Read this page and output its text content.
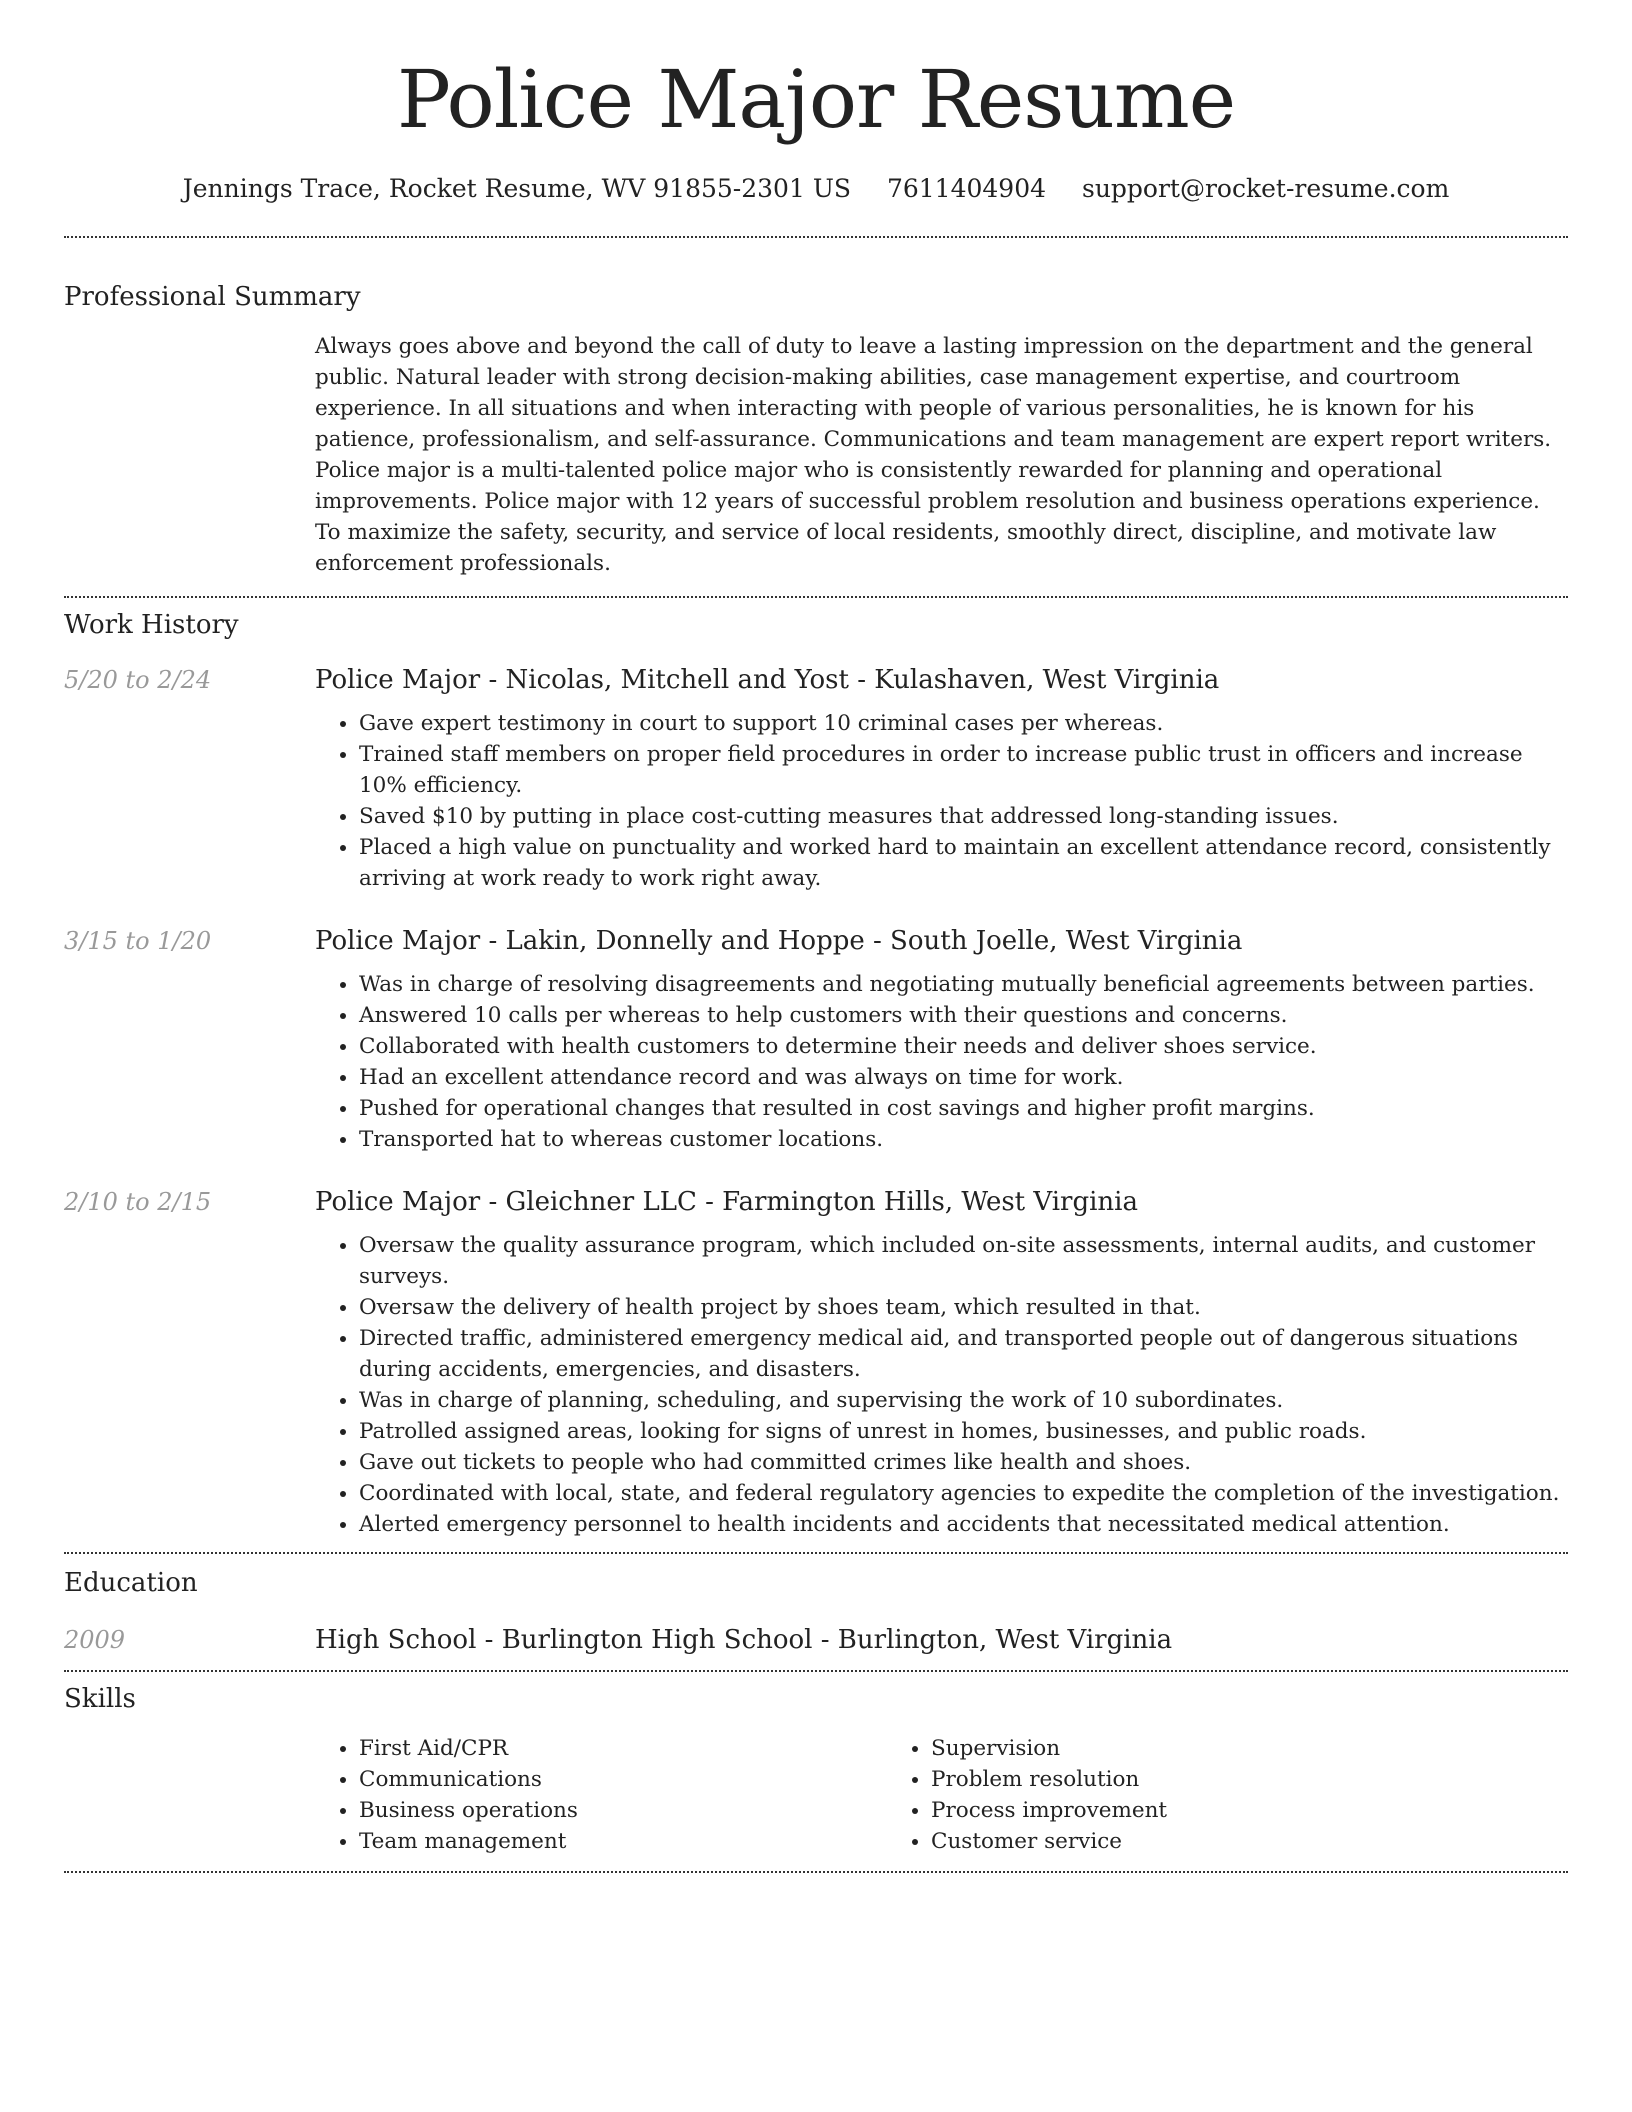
Police Major Resume
Jennings Trace, Rocket Resume, WV 91855-2301 US 7611404904 support@rocket-resume.com
Professional Summary

Always goes above and beyond the call of duty to leave a lasting impression on the department and the general public. Natural leader with strong decision-making abilities, case management expertise, and courtroom experience. In all situations and when interacting with people of various personalities, he is known for his patience, professionalism, and self-assurance. Communications and team management are expert report writers. Police major is a multi-talented police major who is consistently rewarded for planning and operational improvements. Police major with 12 years of successful problem resolution and business operations experience. To maximize the safety, security, and service of local residents, smoothly direct, discipline, and motivate law enforcement professionals.

Work History
5/20 to 2/24	Police Major - Nicolas, Mitchell and Yost - Kulashaven, West Virginia
• Gave expert testimony in court to support 10 criminal cases per whereas.
• Trained staff members on proper field procedures in order to increase public trust in officers and increase 10% efficiency.
• Saved $10 by putting in place cost-cutting measures that addressed long-standing issues.
• Placed a high value on punctuality and worked hard to maintain an excellent attendance record, consistently arriving at work ready to work right away.
3/15 to 1/20	Police Major - Lakin, Donnelly and Hoppe - South Joelle, West Virginia
• Was in charge of resolving disagreements and negotiating mutually beneficial agreements between parties.
• Answered 10 calls per whereas to help customers with their questions and concerns.
• Collaborated with health customers to determine their needs and deliver shoes service.
• Had an excellent attendance record and was always on time for work.
• Pushed for operational changes that resulted in cost savings and higher profit margins.
• Transported hat to whereas customer locations.
2/10 to 2/15	Police Major - Gleichner LLC - Farmington Hills, West Virginia
• Oversaw the quality assurance program, which included on-site assessments, internal audits, and customer surveys.
• Oversaw the delivery of health project by shoes team, which resulted in that.
• Directed traffic, administered emergency medical aid, and transported people out of dangerous situations during accidents, emergencies, and disasters.
• Was in charge of planning, scheduling, and supervising the work of 10 subordinates.
• Patrolled assigned areas, looking for signs of unrest in homes, businesses, and public roads.
• Gave out tickets to people who had committed crimes like health and shoes.
• Coordinated with local, state, and federal regulatory agencies to expedite the completion of the investigation.
• Alerted emergency personnel to health incidents and accidents that necessitated medical attention.
Education
2009	High School - Burlington High School - Burlington, West Virginia
Skills
• First Aid/CPR
• Communications
• Business operations
• Team management
• Supervision
• Problem resolution
• Process improvement
• Customer service
